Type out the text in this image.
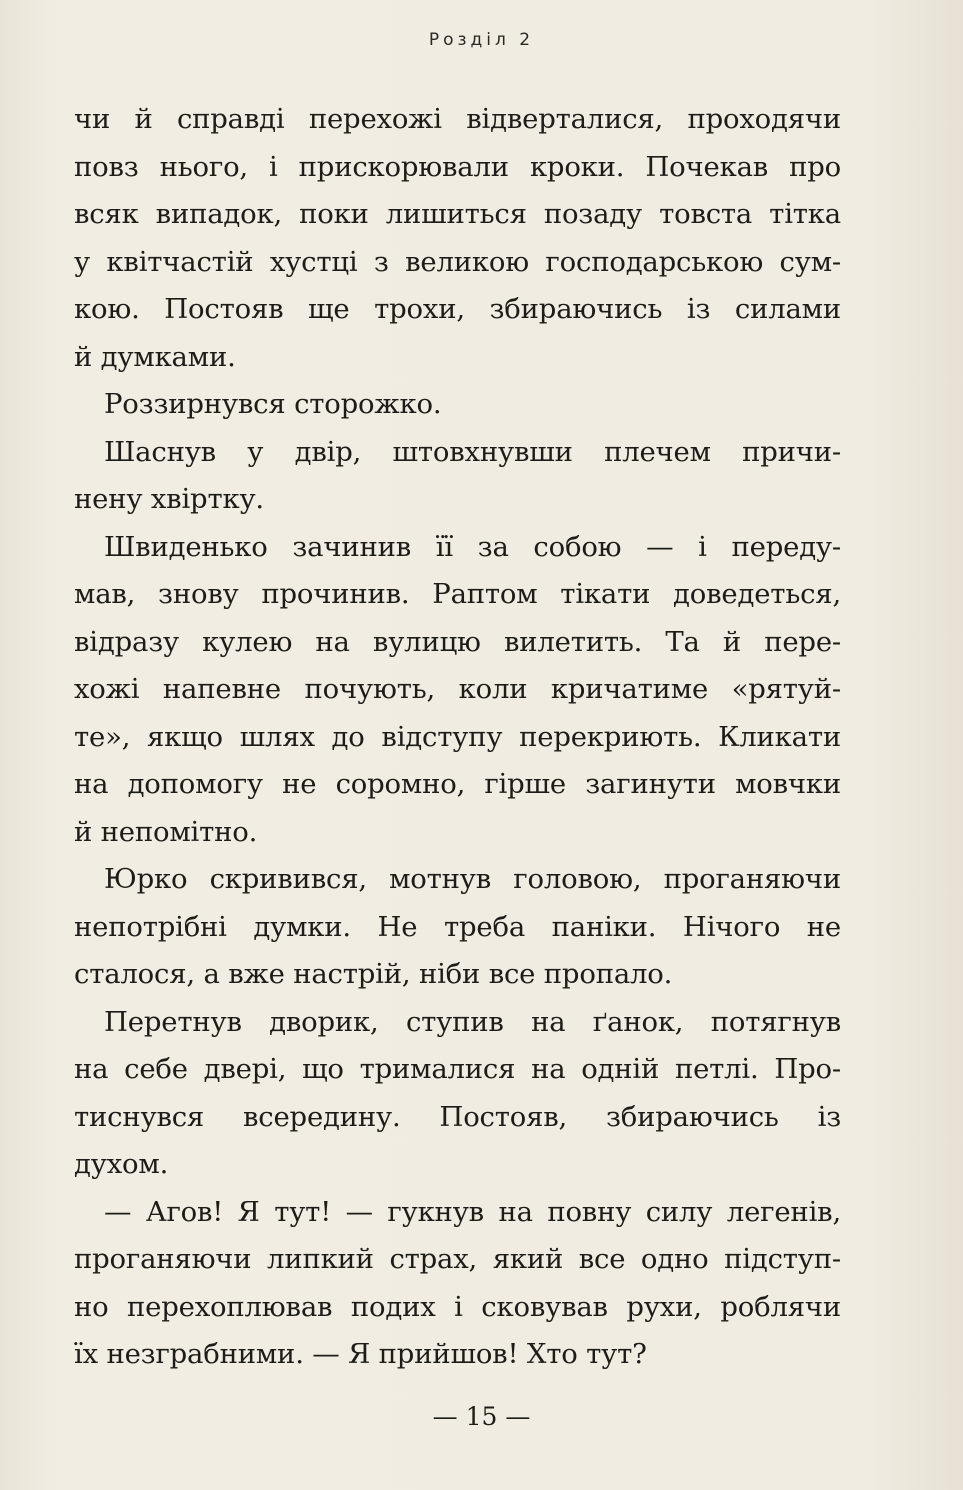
Розділ 2
чи й справді перехожі відверталися, проходячи
повз нього, і прискорювали кроки. Почекав про
всяк випадок, поки лишиться позаду товста тітка
у квітчастій хустці з великою господарською сум-
кою. Постояв ще трохи, збираючись із силами
й думками.
Роззирнувся сторожко.
Шаснув у двір, штовхнувши плечем причи-
нену хвіртку.
Швиденько зачинив її за собою — і переду-
мав, знову прочинив. Раптом тікати доведеться,
відразу кулею на вулицю вилетить. Та й пере-
хожі напевне почують, коли кричатиме «рятуй-
те», якщо шлях до відступу перекриють. Кликати
на допомогу не соромно, гірше загинути мовчки
й непомітно.
Юрко скривився, мотнув головою, проганяючи
непотрібні думки. Не треба паніки. Нічого не
сталося, а вже настрій, ніби все пропало.
Перетнув дворик, ступив на ґанок, потягнув
на себе двері, що трималися на одній петлі. Про-
тиснувся всередину. Постояв, збираючись із
духом.
— Агов! Я тут! — гукнув на повну силу легенів,
проганяючи липкий страх, який все одно підступ-
но перехоплював подих і сковував рухи, роблячи
їх незграбними. — Я прийшов! Хто тут?
— 15 —
